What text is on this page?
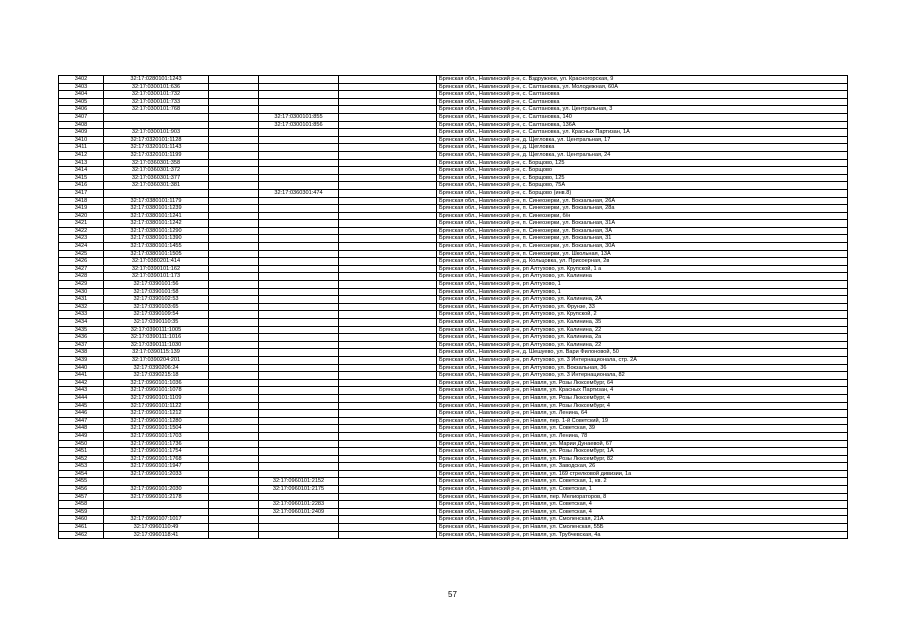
3402	32:17:0280101:1243				Брянская обл., Навлинский р-н, с. Вздружное, ул. Красногорская, 9
3403	32:17:0300101:636				Брянская обл., Навлинский р-н, с. Салтановка, ул. Молодежная, 60А
3404	32:17:0300101:732				Брянская обл., Навлинский р-н, с. Салтановка
3405	32:17:0300101:733				Брянская обл., Навлинский р-н, с. Салтановка
3406	32:17:0300101:768				Брянская обл., Навлинский р-н, с. Салтановка, ул. Центральная, 3
3407			32:17:0300101:855		Брянская обл., Навлинский р-н, с. Салтановка, 140
3408			32:17:0300101:856		Брянская обл., Навлинский р-н, с. Салтановка, 136А
3409	32:17:0300101:903				Брянская обл., Навлинский р-н, с. Салтановка, ул. Красных Партизан, 1А
3410	32:17:0320101:1128				Брянская обл., Навлинский р-н, д. Щегловка, ул. Центральная, 17
3411	32:17:0320101:1143				Брянская обл., Навлинский р-н, д. Щегловка
3412	32:17:0320101:1199				Брянская обл., Навлинский р-н, д. Щегловка, ул. Центральная, 24
3413	32:17:0360301:358				Брянская обл., Навлинский р-н, с. Борщово, 125
3414	32:17:0360301:372				Брянская обл., Навлинский р-н, с. Борщово
3415	32:17:0360301:377				Брянская обл., Навлинский р-н, с. Борщово, 125
3416	32:17:0360301:381				Брянская обл., Навлинский р-н, с. Борщово, 75А
3417			32:17:0360301:474		Брянская обл., Навлинский р-н, с. Борщово (инв.8)
3418	32:17:0380101:1179				Брянская обл., Навлинский р-н, п. Синеозерки, ул. Вокзальная, 26А
3419	32:17:0380101:1239				Брянская обл., Навлинский р-н, п. Синеозерки, ул. Вокзальная, 28а
3420	32:17:0380101:1241				Брянская обл., Навлинский р-н, п. Синеозерки, б/н
3421	32:17:0380101:1242				Брянская обл., Навлинский р-н, п. Синеозерки, ул. Вокзальная, 31А
3422	32:17:0380101:1290				Брянская обл., Навлинский р-н, п. Синеозерки, ул. Вокзальная, 3А
3423	32:17:0380101:1390				Брянская обл., Навлинский р-н, п. Синеозерки, ул. Вокзальная, 31
3424	32:17:0380101:1455				Брянская обл., Навлинский р-н, п. Синеозерки, ул. Вокзальная, 30А
3425	32:17:0380101:1505				Брянская обл., Навлинский р-н, п. Синеозерки, ул. Школьная, 13А
3426	32:17:0380201:414				Брянская обл., Навлинский р-н, д. Кольцовка, ул. Присоерная, 2в
3427	32:17:0390101:162				Брянская обл., Навлинский р-н, рп Алтухово, ул. Крупской, 1 а
3428	32:17:0390101:173				Брянская обл., Навлинский р-н, рп Алтухово, ул. Калинина
3429	32:17:0390101:56				Брянская обл., Навлинский р-н, рп Алтухово, 1
3430	32:17:0390101:58				Брянская обл., Навлинский р-н, рп Алтухово, 1
3431	32:17:0390102:53				Брянская обл., Навлинский р-н, рп Алтухово, ул. Калинина, 2А
3432	32:17:0390103:65				Брянская обл., Навлинский р-н, рп Алтухово, ул. Фрунзе, 33
3433	32:17:0390109:54				Брянская обл., Навлинский р-н, рп Алтухово, ул. Крупской, 2
3434	32:17:0390110:35				Брянская обл., Навлинский р-н, рп Алтухово, ул. Калинина, 35
3435	32:17:0390111:1005				Брянская обл., Навлинский р-н, рп Алтухово, ул. Калинина, 22
3436	32:17:0390111:1016				Брянская обл., Навлинский р-н, рп Алтухово, ул. Калинина, 2а
3437	32:17:0390111:1030				Брянская обл., Навлинский р-н, рп Алтухово, ул. Калинина, 22
3438	32:17:0390115:139				Брянская обл., Навлинский р-н, д. Шешуево, ул. Вари Филоновой, 50
3439	32:17:0390204:201				Брянская обл., Навлинский р-н, рп Алтухово, ул. 3 Интернационала, стр. 2А
3440	32:17:0390206:24				Брянская обл., Навлинский р-н, рп Алтухово, ул. Вокзальная, 36
3441	32:17:0390215:18				Брянская обл., Навлинский р-н, рп Алтухово, ул. 3 Интернационала, 82
3442	32:17:0960101:1036				Брянская обл., Навлинский р-н, рп Навля, ул. Розы Люксембург, 64
3443	32:17:0960101:1078				Брянская обл., Навлинский р-н, рп Навля, ул. Красных Партизан, 4
3444	32:17:0960101:1109				Брянская обл., Навлинский р-н, рп Навля, ул. Розы Люксембург, 4
3445	32:17:0960101:1122				Брянская обл., Навлинский р-н, рп Навля, ул. Розы Люксембург, 4
3446	32:17:0960101:1212				Брянская обл., Навлинский р-н, рп Навля, ул. Ленина, 64
3447	32:17:0960101:1280				Брянская обл., Навлинский р-н, рп Навля, пер. 1-й Советский, 19
3448	32:17:0960101:1504				Брянская обл., Навлинский р-н, рп Навля, ул. Советская, 39
3449	32:17:0960101:1703				Брянская обл., Навлинский р-н, рп Навля, ул. Ленина, 78
3450	32:17:0960101:1736				Брянская обл., Навлинский р-н, рп Навля, ул. Марии Дунаевой, 67
3451	32:17:0960101:1754				Брянская обл., Навлинский р-н, рп Навля, ул. Розы Люксембург, 1А
3452	32:17:0960101:1768				Брянская обл., Навлинский р-н, рп Навля, ул. Розы Люксембург, 82
3453	32:17:0960101:1947				Брянская обл., Навлинский р-н, рп Навля, ул. Заводская, 26
3454	32:17:0960101:2033				Брянская обл., Навлинский р-н, рп Навля, ул. 169 стрелковой дивизии, 1а
3455			32:17:0960101:2152		Брянская обл., Навлинский р-н, рп Навля, ул. Советская, 1, кв. 2
3456	32:17:0960101:2030		32:17:0960101:2175		Брянская обл., Навлинский р-н, рп Навля, ул. Советская, 1
3457	32:17:0960101:2178				Брянская обл., Навлинский р-н, рп Навля, пер. Мелиораторов, 8
3458			32:17:0960101:2283		Брянская обл., Навлинский р-н, рп Навля, ул. Советская, 4
3459			32:17:0960101:2409		Брянская обл., Навлинский р-н, рп Навля, ул. Советская, 4
3460	32:17:0960107:1017				Брянская обл., Навлинский р-н, рп Навля, ул. Смоленская, 21А
3461	32:17:0960110:49				Брянская обл., Навлинский р-н, рп Навля, ул. Смоленская, 55Б
3462	32:17:0960118:41				Брянская обл., Навлинский р-н, рп Навля, ул. Трубчевская, 4а
57
